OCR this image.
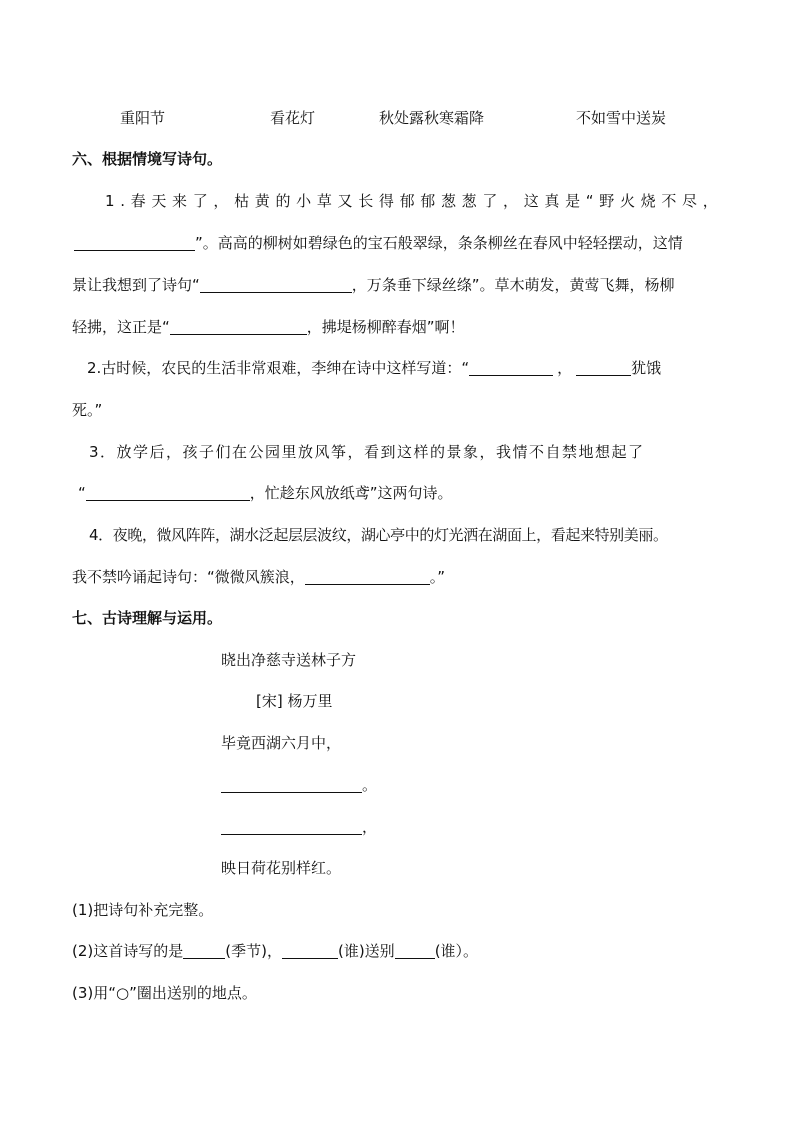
重阳节	看花灯	秋处露秋寒霜降	不如雪中送炭
六、根据情境写诗句。
1 . 春 天 来 了 ， 枯 黄 的 小 草 又 长 得 郁 郁 葱 葱 了 ， 这 真 是 “ 野 火 烧 不 尽 ，
”。高高的柳树如碧绿色的宝石般翠绿，条条柳丝在春风中轻轻摆动，这情
景让我想到了诗句“	，万条垂下绿丝绦”。草木萌发，黄莺飞舞，杨柳
轻拂，这正是“	，拂堤杨柳醉春烟”啊！
2.古时候，农民的生活非常艰难，李绅在诗中这样写道：“	，	犹饿
死。”
3．放学后，孩子们在公园里放风筝，看到这样的景象，我情不自禁地想起了
“	，忙趁东风放纸鸢”这两句诗。
4．夜晚，微风阵阵，湖水泛起层层波纹，湖心亭中的灯光洒在湖面上，看起来特别美丽。
我不禁吟诵起诗句：“微微风簇浪，	。”
七、古诗理解与运用。
晓出净慈寺送林子方
[宋] 杨万里
毕竟西湖六月中，
。
，
映日荷花别样红。
(1)把诗句补充完整。
(2)这首诗写的是	(季节)，	(谁)送别	(谁）。
(3)用“○”圈出送别的地点。
